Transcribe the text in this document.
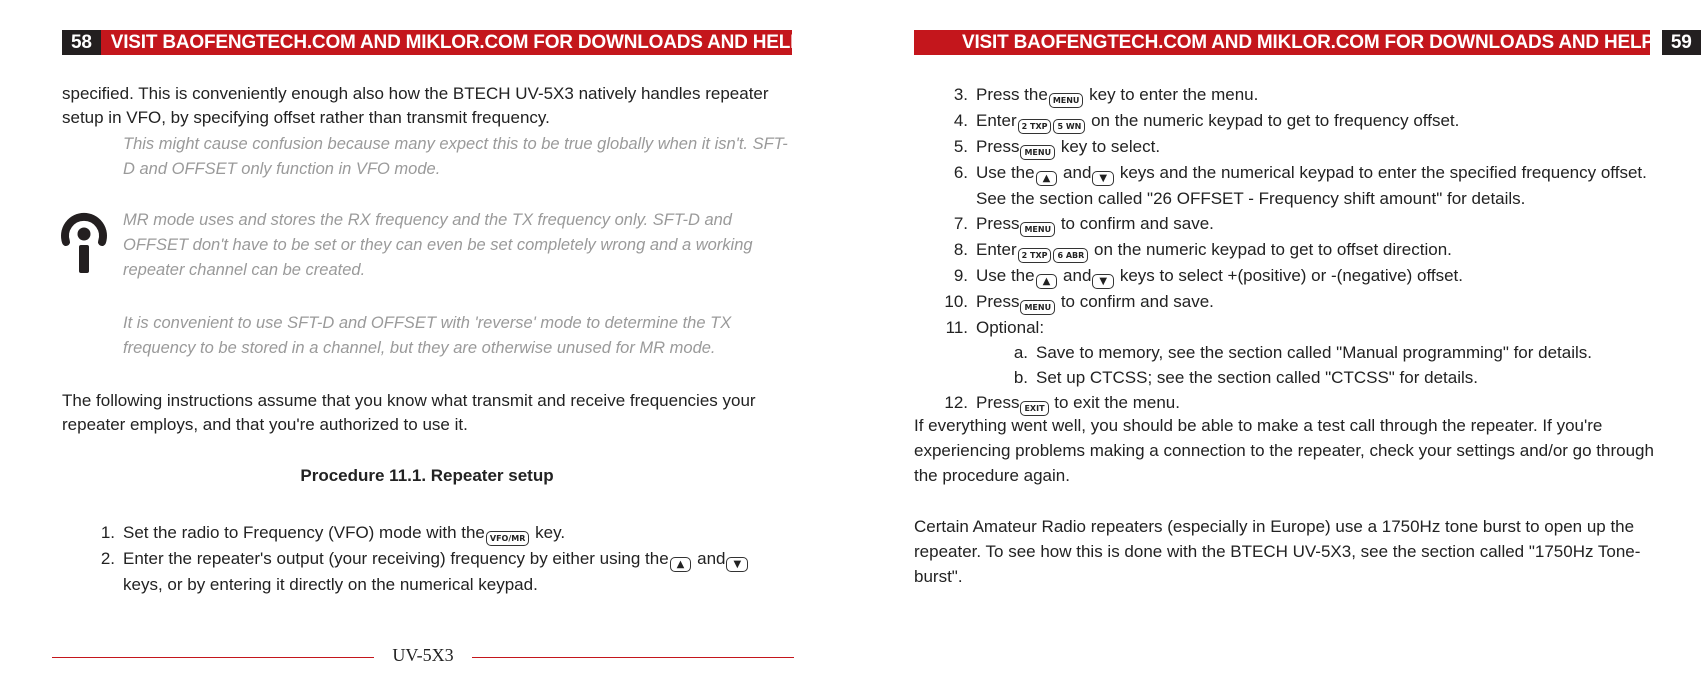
58	VISIT BAOFENGTECH.COM AND MIKLOR.COM FOR DOWNLOADS AND HELP

specified. This is conveniently enough also how the BTECH UV-5X3 natively handles repeater setup in VFO, by specifying offset rather than transmit frequency.

This might cause confusion because many expect this to be true globally when it isn't. SFT-D and OFFSET only function in VFO mode.

MR mode uses and stores the RX frequency and the TX frequency only. SFT-D and OFFSET don't have to be set or they can even be set completely wrong and a working repeater channel can be created.

It is convenient to use SFT-D and OFFSET with 'reverse' mode to determine the TX frequency to be stored in a channel, but they are otherwise unused for MR mode.

The following instructions assume that you know what transmit and receive frequencies your repeater employs, and that you're authorized to use it.

Procedure 11.1. Repeater setup
1. Set the radio to Frequency (VFO) mode with the VFO/MR key.
2. Enter the repeater's output (your receiving) frequency by either using the ▲ and ▼ keys, or by entering it directly on the numerical keypad.
UV-5X3
VISIT BAOFENGTECH.COM AND MIKLOR.COM FOR DOWNLOADS AND HELP 59
3. Press the MENU key to enter the menu.
4. Enter 2 TXP 5 WN on the numeric keypad to get to frequency offset.
5. Press MENU key to select.
6. Use the ▲ and ▼ keys and the numerical keypad to enter the specified frequency offset. See the section called "26 OFFSET - Frequency shift amount" for details.
7. Press MENU to confirm and save.
8. Enter 2 TXP 6 ABR on the numeric keypad to get to offset direction.
9. Use the ▲ and ▼ keys to select +(positive) or -(negative) offset.
10. Press MENU to confirm and save.
11. Optional:
a. Save to memory, see the section called "Manual programming" for details.
b. Set up CTCSS; see the section called "CTCSS" for details.
12. Press EXIT to exit the menu.

If everything went well, you should be able to make a test call through the repeater. If you're experiencing problems making a connection to the repeater, check your settings and/or go through the procedure again.

Certain Amateur Radio repeaters (especially in Europe) use a 1750Hz tone burst to open up the repeater. To see how this is done with the BTECH UV-5X3, see the section called "1750Hz Tone-burst".
